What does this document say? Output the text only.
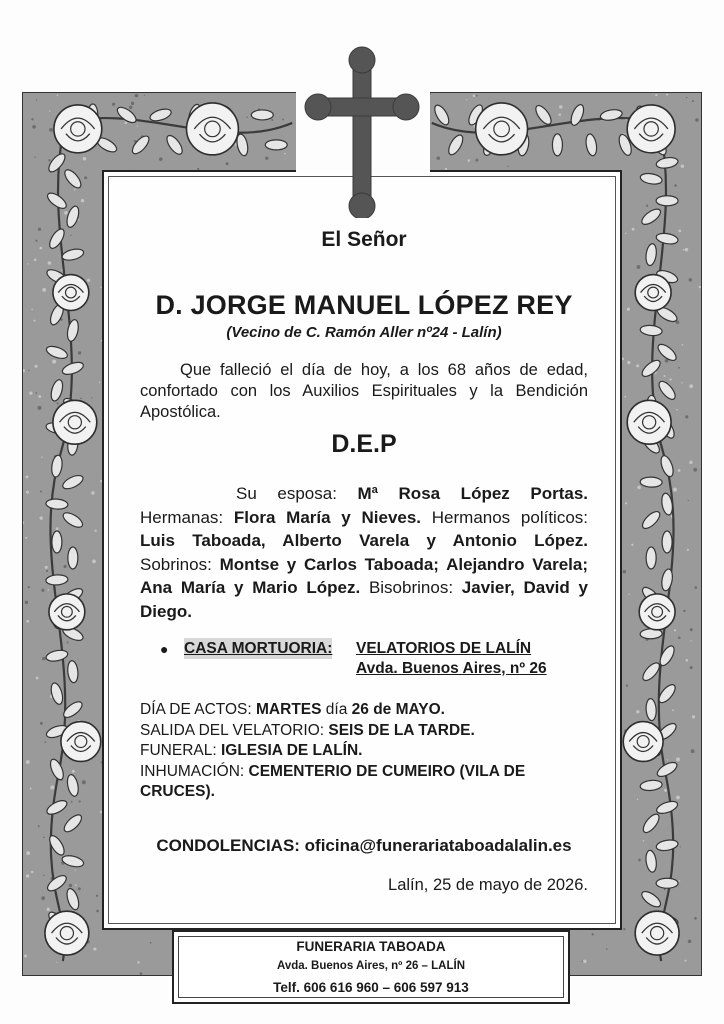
El Señor
D. JORGE MANUEL LÓPEZ REY
(Vecino de C. Ramón Aller nº24 - Lalín)
Que falleció el día de hoy, a los 68 años de edad, confortado con los Auxilios Espirituales y la Bendición Apostólica.
D.E.P
Su esposa: Mª Rosa López Portas. Hermanas: Flora María y Nieves. Hermanos políticos: Luis Taboada, Alberto Varela y Antonio López. Sobrinos: Montse y Carlos Taboada; Alejandro Varela; Ana María y Mario López. Bisobrinos: Javier, David y Diego.
● CASA MORTUORIA: VELATORIOS DE LALÍN
Avda. Buenos Aires, nº 26
DÍA DE ACTOS: MARTES día 26 de MAYO.
SALIDA DEL VELATORIO: SEIS DE LA TARDE.
FUNERAL: IGLESIA DE LALÍN.
INHUMACIÓN: CEMENTERIO DE CUMEIRO (VILA DE CRUCES).
CONDOLENCIAS: oficina@funerariataboadalalin.es
Lalín, 25 de mayo de 2026.
FUNERARIA TABOADA
Avda. Buenos Aires, nº 26 – LALÍN
Telf. 606 616 960 – 606 597 913
